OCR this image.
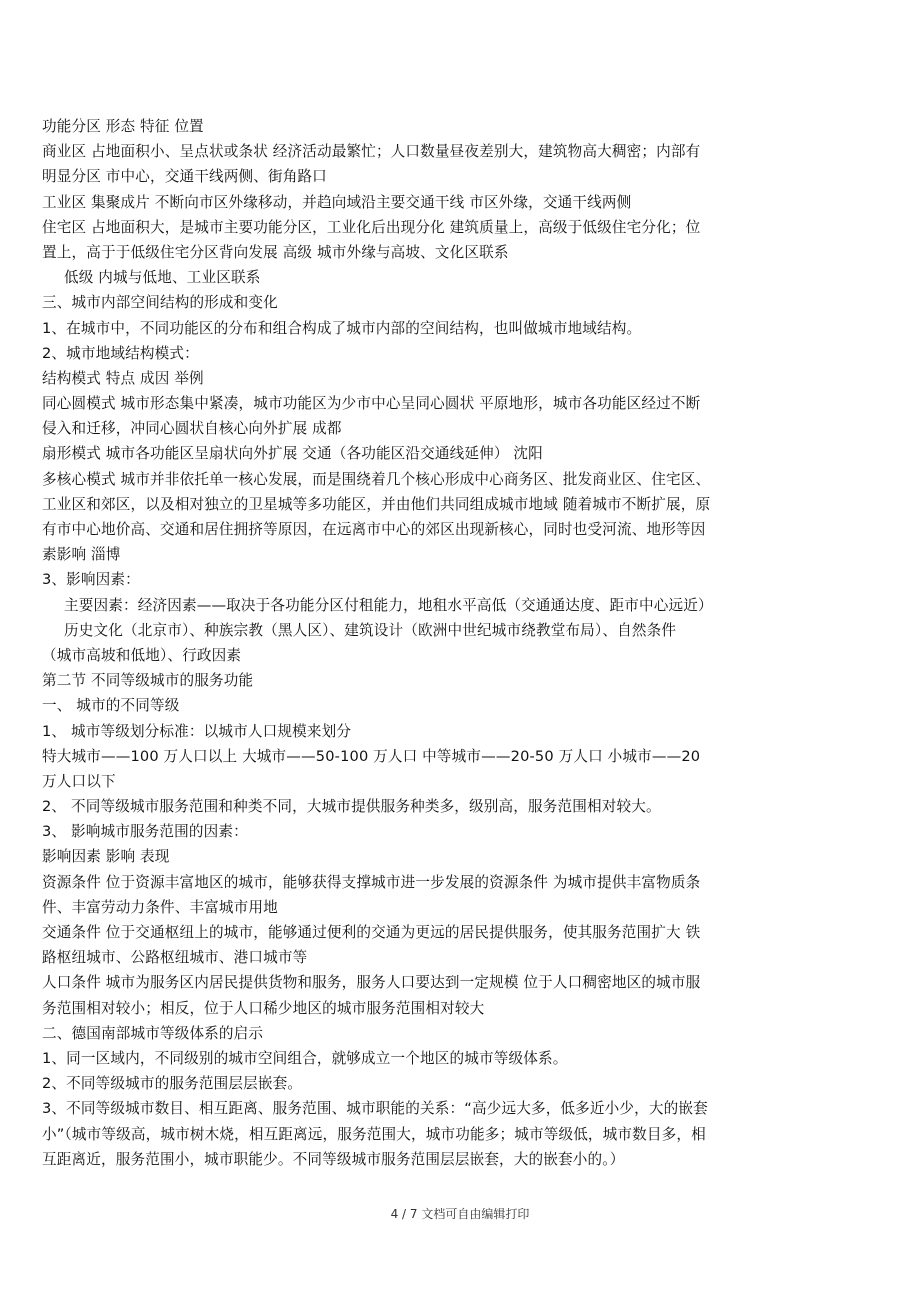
功能分区 形态 特征 位置
商业区 占地面积小、呈点状或条状 经济活动最繁忙；人口数量昼夜差别大，建筑物高大稠密；内部有
明显分区 市中心，交通干线两侧、街角路口
工业区 集聚成片 不断向市区外缘移动，并趋向域沿主要交通干线 市区外缘，交通干线两侧
住宅区 占地面积大，是城市主要功能分区，工业化后出现分化 建筑质量上，高级于低级住宅分化；位
置上，高于于低级住宅分区背向发展 高级 城市外缘与高坡、文化区联系
低级 内城与低地、工业区联系
三、城市内部空间结构的形成和变化
1、在城市中，不同功能区的分布和组合构成了城市内部的空间结构，也叫做城市地域结构。
2、城市地域结构模式：
结构模式 特点 成因 举例
同心圆模式 城市形态集中紧凑，城市功能区为少市中心呈同心圆状 平原地形，城市各功能区经过不断
侵入和迁移，冲同心圆状自核心向外扩展 成都
扇形模式 城市各功能区呈扇状向外扩展 交通（各功能区沿交通线延伸） 沈阳
多核心模式 城市并非依托单一核心发展，而是围绕着几个核心形成中心商务区、批发商业区、住宅区、
工业区和郊区，以及相对独立的卫星城等多功能区，并由他们共同组成城市地域 随着城市不断扩展，原
有市中心地价高、交通和居住拥挤等原因，在远离市中心的郊区出现新核心，同时也受河流、地形等因
素影响 淄博
3、影响因素：
主要因素：经济因素——取决于各功能分区付租能力，地租水平高低（交通通达度、距市中心远近）
历史文化（北京市）、种族宗教（黑人区）、建筑设计（欧洲中世纪城市绕教堂布局）、自然条件
（城市高坡和低地）、行政因素
第二节 不同等级城市的服务功能
一、 城市的不同等级
1、 城市等级划分标准：以城市人口规模来划分
特大城市——100 万人口以上 大城市——50-100 万人口 中等城市——20-50 万人口 小城市——20
万人口以下
2、 不同等级城市服务范围和种类不同，大城市提供服务种类多，级别高，服务范围相对较大。
3、 影响城市服务范围的因素：
影响因素 影响 表现
资源条件 位于资源丰富地区的城市，能够获得支撑城市进一步发展的资源条件 为城市提供丰富物质条
件、丰富劳动力条件、丰富城市用地
交通条件 位于交通枢纽上的城市，能够通过便利的交通为更远的居民提供服务，使其服务范围扩大 铁
路枢纽城市、公路枢纽城市、港口城市等
人口条件 城市为服务区内居民提供货物和服务，服务人口要达到一定规模 位于人口稠密地区的城市服
务范围相对较小；相反，位于人口稀少地区的城市服务范围相对较大
二、德国南部城市等级体系的启示
1、同一区域内，不同级别的城市空间组合，就够成立一个地区的城市等级体系。
2、不同等级城市的服务范围层层嵌套。
3、不同等级城市数目、相互距离、服务范围、城市职能的关系：“高少远大多，低多近小少，大的嵌套
小”（城市等级高，城市树木烧，相互距离远，服务范围大，城市功能多；城市等级低，城市数目多，相
互距离近，服务范围小，城市职能少。不同等级城市服务范围层层嵌套，大的嵌套小的。）
4 / 7 文档可自由编辑打印
